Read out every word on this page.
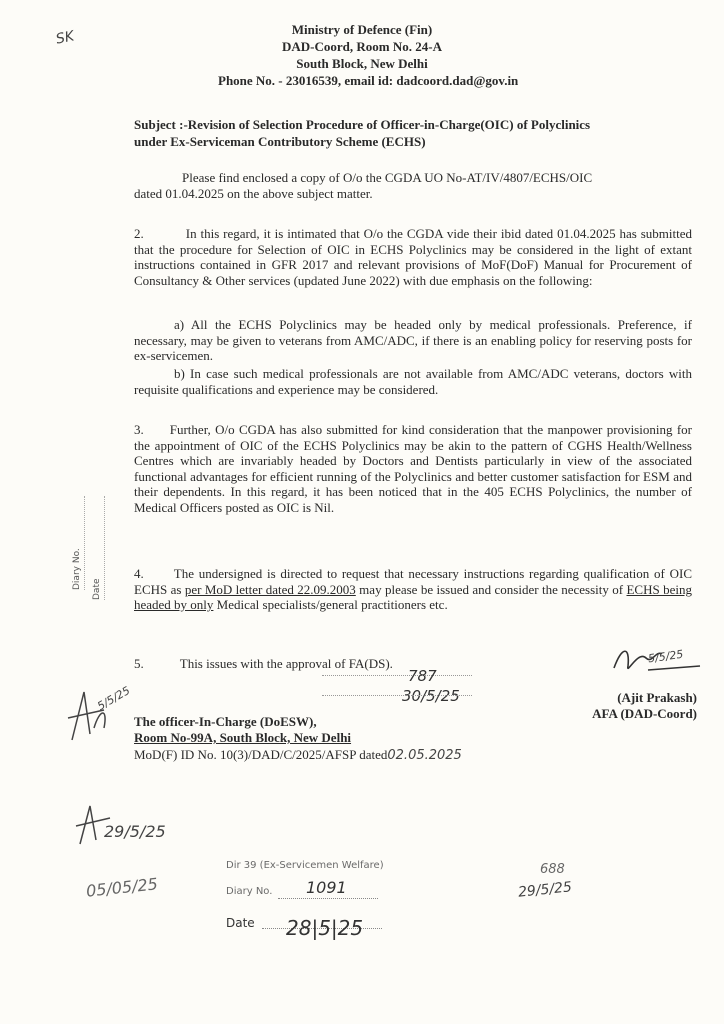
SK	Ministry of Defence (Fin)
DAD-Coord, Room No. 24-A
South Block, New Delhi
Phone No. - 23016539, email id: dadcoord.dad@gov.in
Subject :-Revision of Selection Procedure of Officer-in-Charge(OIC) of Polyclinics
under Ex-Serviceman Contributory Scheme (ECHS)
Please find enclosed a copy of O/o the CGDA UO No-AT/IV/4807/ECHS/OIC
dated 01.04.2025 on the above subject matter.
2.	In this regard, it is intimated that O/o the CGDA vide their ibid dated 01.04.2025 has submitted that the procedure for Selection of OIC in ECHS Polyclinics may be considered in the light of extant instructions contained in GFR 2017 and relevant provisions of MoF(DoF) Manual for Procurement of Consultancy & Other services (updated June 2022) with due emphasis on the following:
a) All the ECHS Polyclinics may be headed only by medical professionals. Preference, if necessary, may be given to veterans from AMC/ADC, if there is an enabling policy for reserving posts for ex-servicemen.
b) In case such medical professionals are not available from AMC/ADC veterans, doctors with requisite qualifications and experience may be considered.
3. Further, O/o CGDA has also submitted for kind consideration that the manpower provisioning for the appointment of OIC of the ECHS Polyclinics may be akin to the pattern of CGHS Health/Wellness Centres which are invariably headed by Doctors and Dentists particularly in view of the associated functional advantages for efficient running of the Polyclinics and better customer satisfaction for ESM and their dependents. In this regard, it has been noticed that in the 405 ECHS Polyclinics, the number of Medical Officers posted as OIC is Nil.
4. The undersigned is directed to request that necessary instructions regarding qualification of OIC ECHS as per MoD letter dated 22.09.2003 may please be issued and consider the necessity of ECHS being headed by only Medical specialists/general practitioners etc.
5.	This issues with the approval of FA(DS).	5/5/25
(Ajit Prakash)
AFA (DAD-Coord)
The officer-In-Charge (DoESW),
Room No-99A, South Block, New Delhi
MoD(F) ID No. 10(3)/DAD/C/2025/AFSP dated02.05.2025
787
30/5/25
Diary No. Date
5/5/25
29/5/25
05/05/25
Dir 39 (Ex-Servicemen Welfare)
Diary No. 1091
Date 28|5|25
688
29/5/25
